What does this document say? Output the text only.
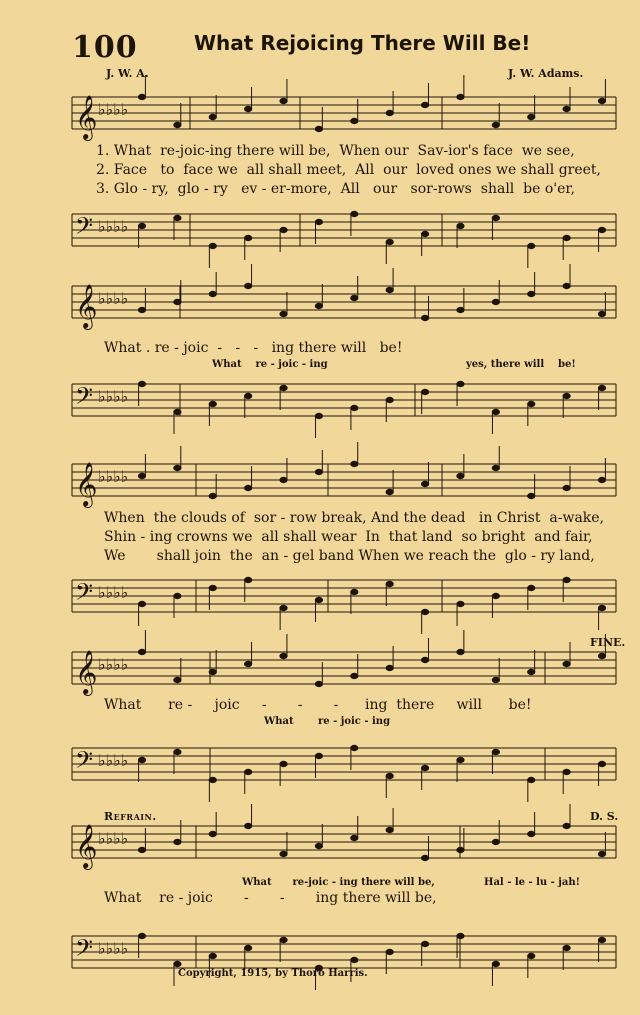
100	What Rejoicing There Will Be!
J. W. A.	J. W. Adams.
𝄞 ♭♭♭♭
𝄢 ♭♭♭♭
𝄞 ♭♭♭♭
𝄢 ♭♭♭♭
𝄞 ♭♭♭♭
𝄢 ♭♭♭♭
𝄞 ♭♭♭♭
𝄢 ♭♭♭♭
𝄞 ♭♭♭♭
𝄢 ♭♭♭♭
1. What  re-joic-ing there will be,  When our  Sav-ior's face  we see,
2. Face   to  face we  all shall meet,  All  our  loved ones we shall greet,
3. Glo - ry,  glo - ry   ev - er-more,  All   our   sor-rows  shall  be o'er,
What . re - joic  -   -   -   ing there will   be!
What    re - joic - ing	yes, there will    be!
When  the clouds of  sor - row break, And the dead   in Christ  a-wake,
Shin - ing crowns we  all shall wear  In  that land  so bright  and fair,
We       shall join  the  an - gel band When we reach the  glo - ry land,
FINE.
What      re -     joic     -       -       -      ing  there     will      be!
What       re - joic - ing
Refrain.	D. S.
What      re-joic - ing there will be,	Hal - le - lu - jah!
What    re - joic       -       -       ing there will be,
Copyright, 1915, by Thoro Harris.
